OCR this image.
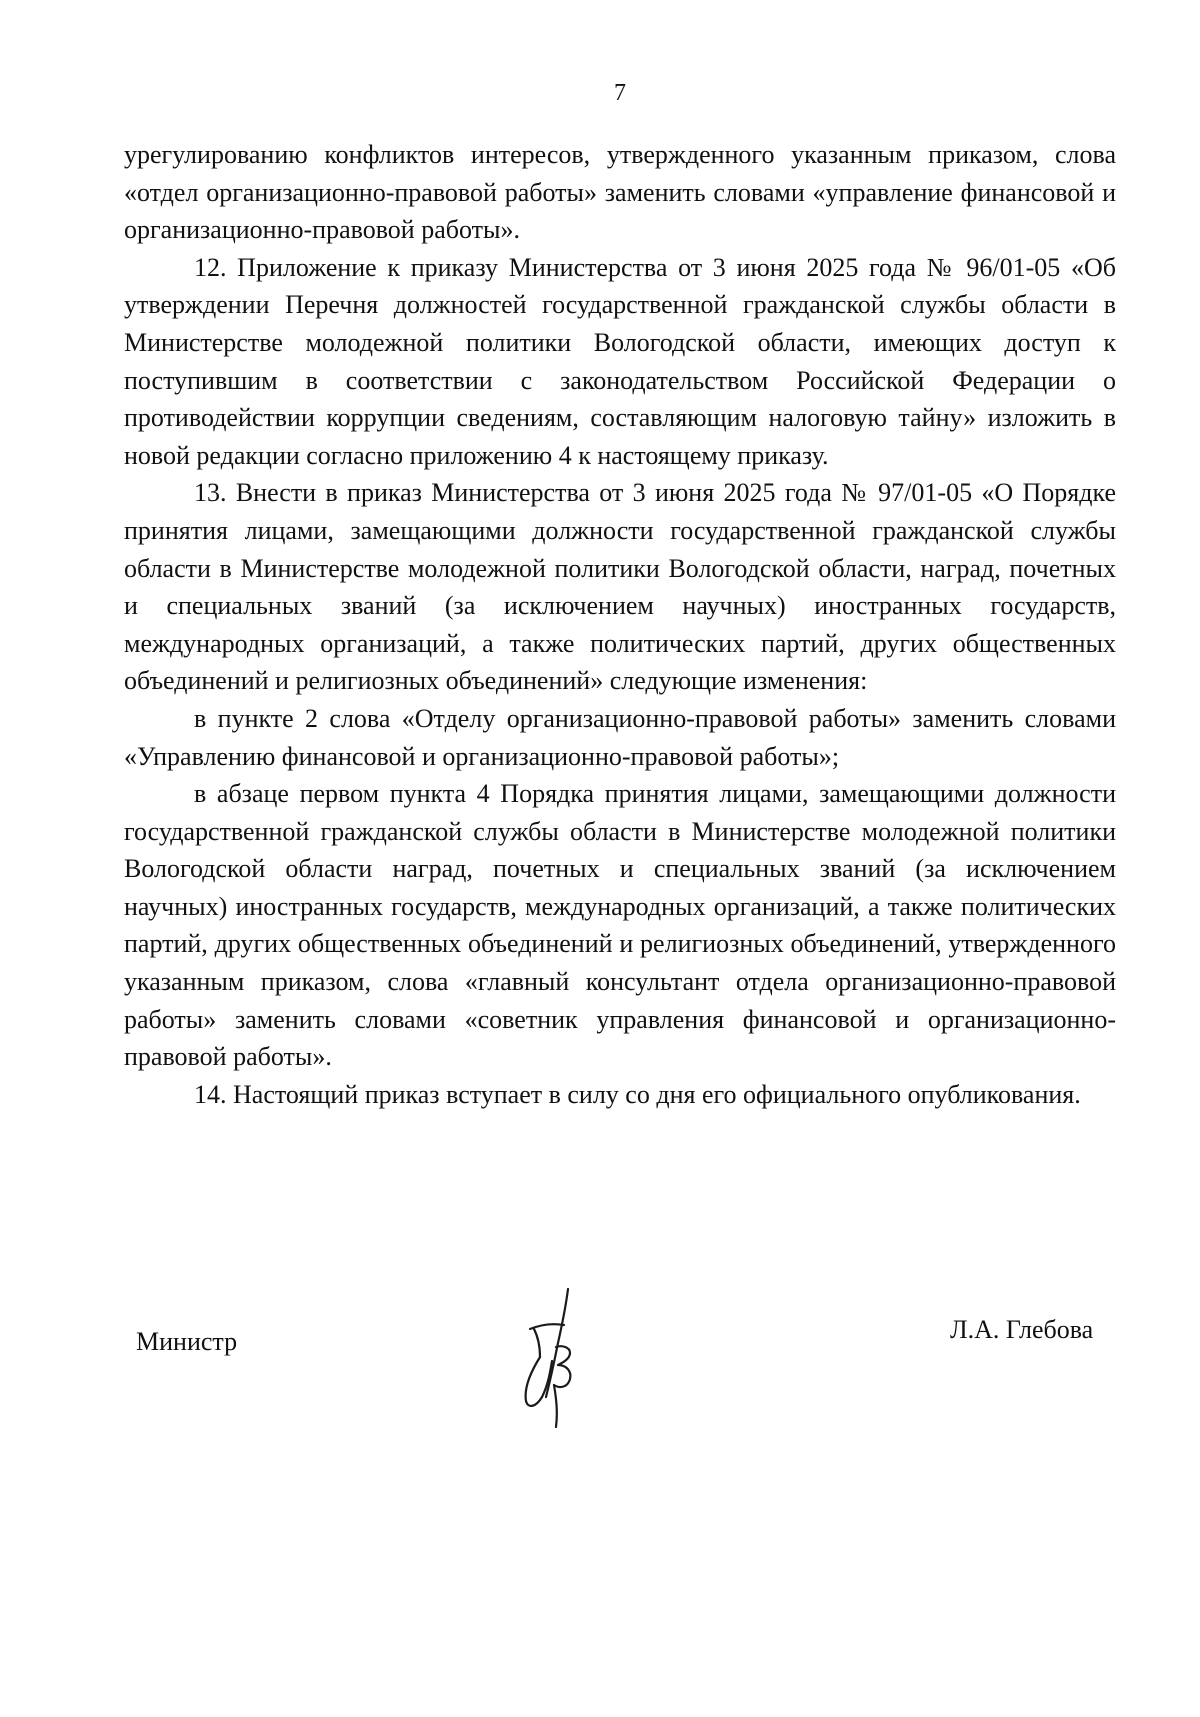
7

урегулированию конфликтов интересов, утвержденного указанным приказом, слова «отдел организационно-правовой работы» заменить словами «управление финансовой и организационно-правовой работы».

12. Приложение к приказу Министерства от 3 июня 2025 года № 96/01-05 «Об утверждении Перечня должностей государственной гражданской службы области в Министерстве молодежной политики Вологодской области, имеющих доступ к поступившим в соответствии с законодательством Российской Федерации о противодействии коррупции сведениям, составляющим налоговую тайну» изложить в новой редакции согласно приложению 4 к настоящему приказу.

13. Внести в приказ Министерства от 3 июня 2025 года № 97/01-05 «О Порядке принятия лицами, замещающими должности государственной гражданской службы области в Министерстве молодежной политики Вологодской области, наград, почетных и специальных званий (за исключением научных) иностранных государств, международных организаций, а также политических партий, других общественных объединений и религиозных объединений» следующие изменения:

в пункте 2 слова «Отделу организационно-правовой работы» заменить словами «Управлению финансовой и организационно-правовой работы»;

в абзаце первом пункта 4 Порядка принятия лицами, замещающими должности государственной гражданской службы области в Министерстве молодежной политики Вологодской области наград, почетных и специальных званий (за исключением научных) иностранных государств, международных организаций, а также политических партий, других общественных объединений и религиозных объединений, утвержденного указанным приказом, слова «главный консультант отдела организационно-правовой работы» заменить словами «советник управления финансовой и организационно-правовой работы».

14. Настоящий приказ вступает в силу со дня его официального опубликования.

Министр	Л.А. Глебова
